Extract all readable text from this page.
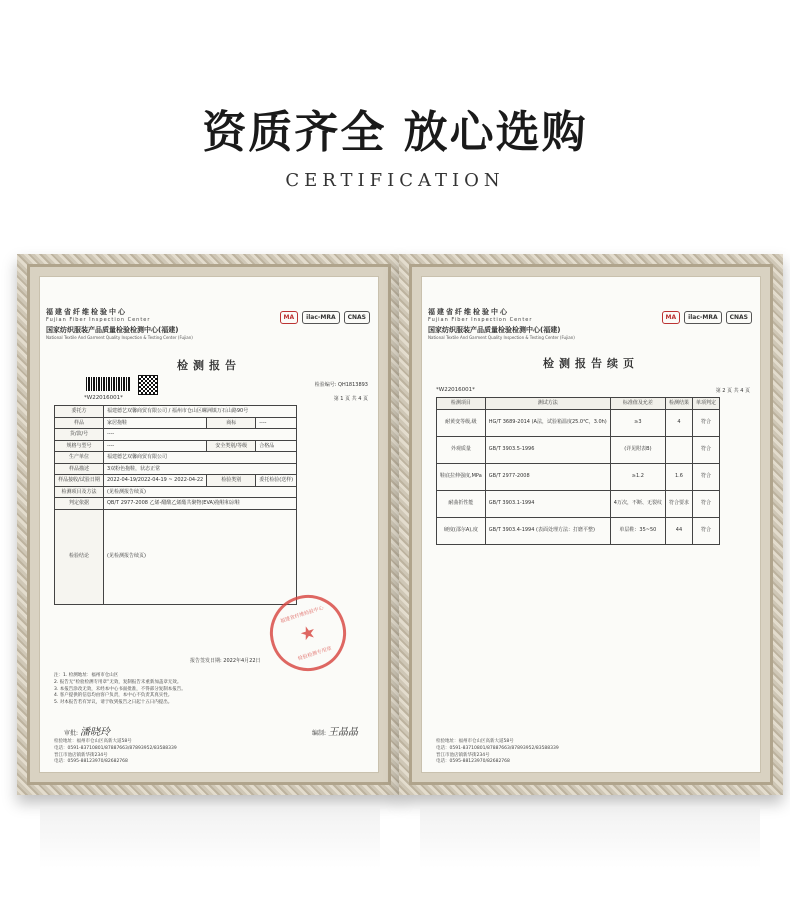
资质齐全 放心选购
CERTIFICATION
福建省纤维检验中心
Fujian Fiber Inspection Center
国家纺织服装产品质量检验检测中心(福建)
National Textile And Garment Quality Inspection & Testing Center (Fujian)
MA	ilac-MRA	CNAS
检测报告
检验编号: QH1813893
*W22016001*	第 1 页 共 4 页
委托方	福建德艺双馨商贸有限公司 / 福州市仓山区螺洲镇万石山路90号		
样品	家居拖鞋	商标	----
货/款/号	----		
规格与型号	----	安全类别/等级	合格品
生产单位	福建德艺双馨商贸有限公司		
样品描述	3双粉色拖鞋，状态正常		
样品接收/试验日期	2022-04-19/2022-04-19 ~ 2022-04-22	检验类别	委托检验(送样)
检测项目及方法	(见检测报告续页)		
判定依据	QB/T 2977-2008 乙烯-醋酸乙烯酯共聚物(EVA)拖鞋和凉鞋		
检验结论	(见检测报告续页)		
福建省纤维检验中心
★
检验检测专用章
报告签发日期: 2022年4月22日
注：1. 检测地址：福州市仓山区
2. 报告无“检验检测专用章”无效，复制报告未重新加盖章无效。
3. 本报告涂改无效，未经本中心书面批准，不得部分复制本报告。
4. 客户提供的信息均由客户负责，本中心不负责其真实性。
5. 对本报告若有异议，请于收到报告之日起十五日内提出。
审批: 潘晓玲	编制: 王晶晶
检验地址：福州市仓山区高新大道58号
电话：0591-83710801/87887663/87893952/83588339
晋江市池店镇新华街234号
电话：0595-88123970/82682768
福建省纤维检验中心
Fujian Fiber Inspection Center
国家纺织服装产品质量检验检测中心(福建)
National Textile And Garment Quality Inspection & Testing Center (Fujian)
MA	ilac-MRA	CNAS
检测报告续页
*W22016001*	第 2 页 共 4 页
检测项目	测试方法	标准值及允差	检测结果	单项判定
耐黄变等级,级	HG/T 3689-2014 (A法，试验箱温度25.0℃，3.0h)	≥3	4	符合
外观质量	GB/T 3903.5-1996	(详见附表B)		符合
鞋底拉伸强度,MPa	GB/T 2977-2008	≥1.2	1.6	符合
耐曲折性能	GB/T 3903.1-1994	4万次，不断、无裂纹	符合要求	符合
硬度(邵尔A),度	GB/T 3903.4-1994 (表面处理方法：打磨平整)	单层鞋：35~50	44	符合
检验地址：福州市仓山区高新大道58号
电话：0591-83710801/87887663/87893952/83588339
晋江市池店镇新华街234号
电话：0595-88123970/82682768
